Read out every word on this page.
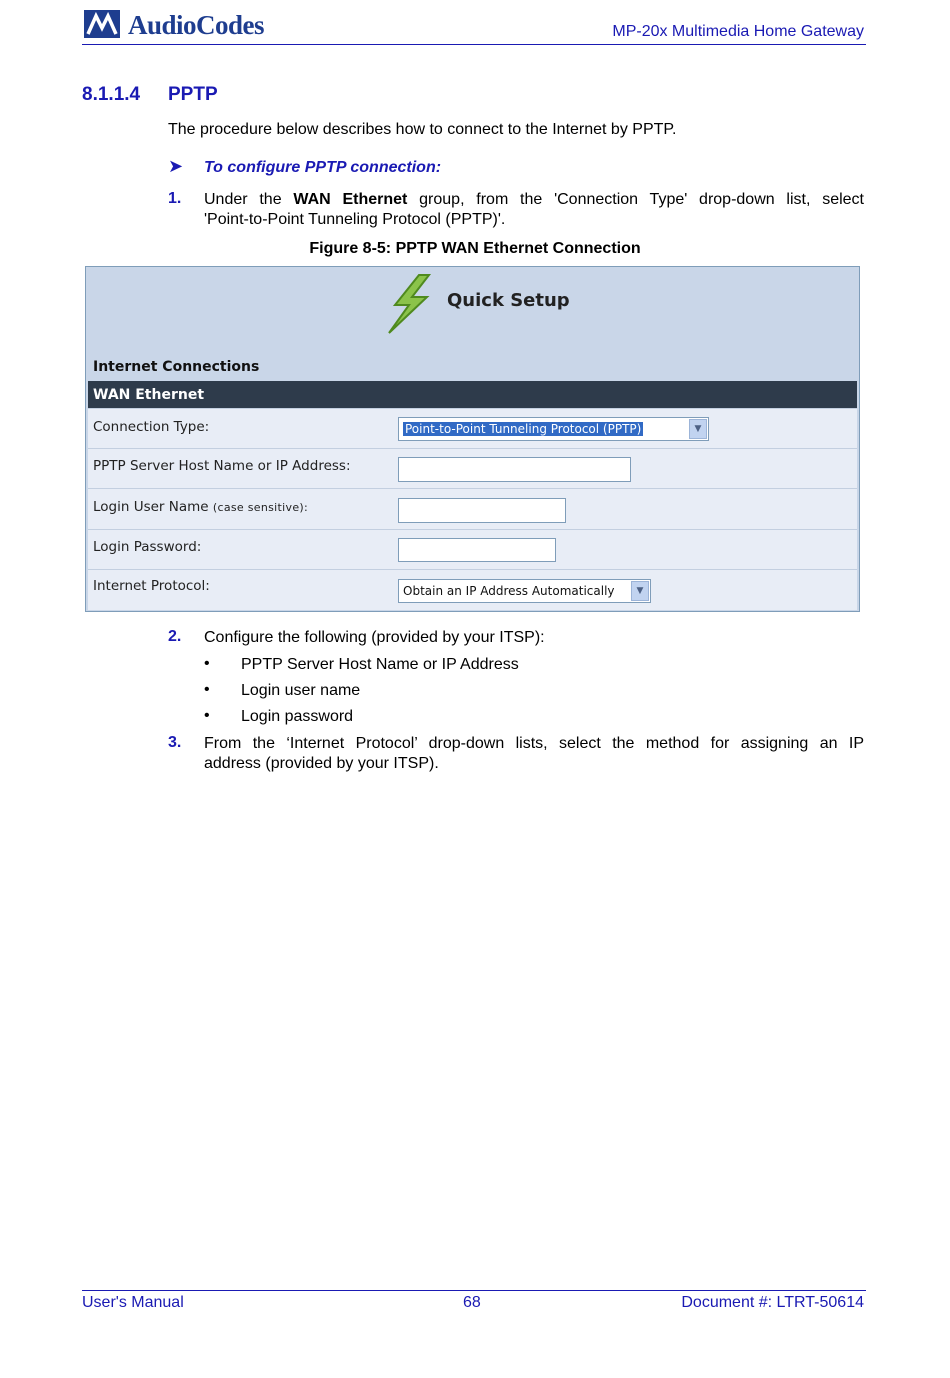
AudioCodes	MP-20x Multimedia Home Gateway
8.1.1.4 PPTP
The procedure below describes how to connect to the Internet by PPTP.
➤ To configure PPTP connection:
1. Under the WAN Ethernet group, from the 'Connection Type' drop-down list, select
'Point-to-Point Tunneling Protocol (PPTP)'.
Figure 8-5: PPTP WAN Ethernet Connection
Quick Setup
Internet Connections
WAN Ethernet
Connection Type:	Point-to-Point Tunneling Protocol (PPTP)	▼
PPTP Server Host Name or IP Address:
Login User Name (case sensitive):
Login Password:
Internet Protocol:	Obtain an IP Address Automatically	▼
2. Configure the following (provided by your ITSP):
• PPTP Server Host Name or IP Address
• Login user name
• Login password
3. From the ‘Internet Protocol’ drop-down lists, select the method for assigning an IP
address (provided by your ITSP).
User's Manual	68	Document #: LTRT-50614
